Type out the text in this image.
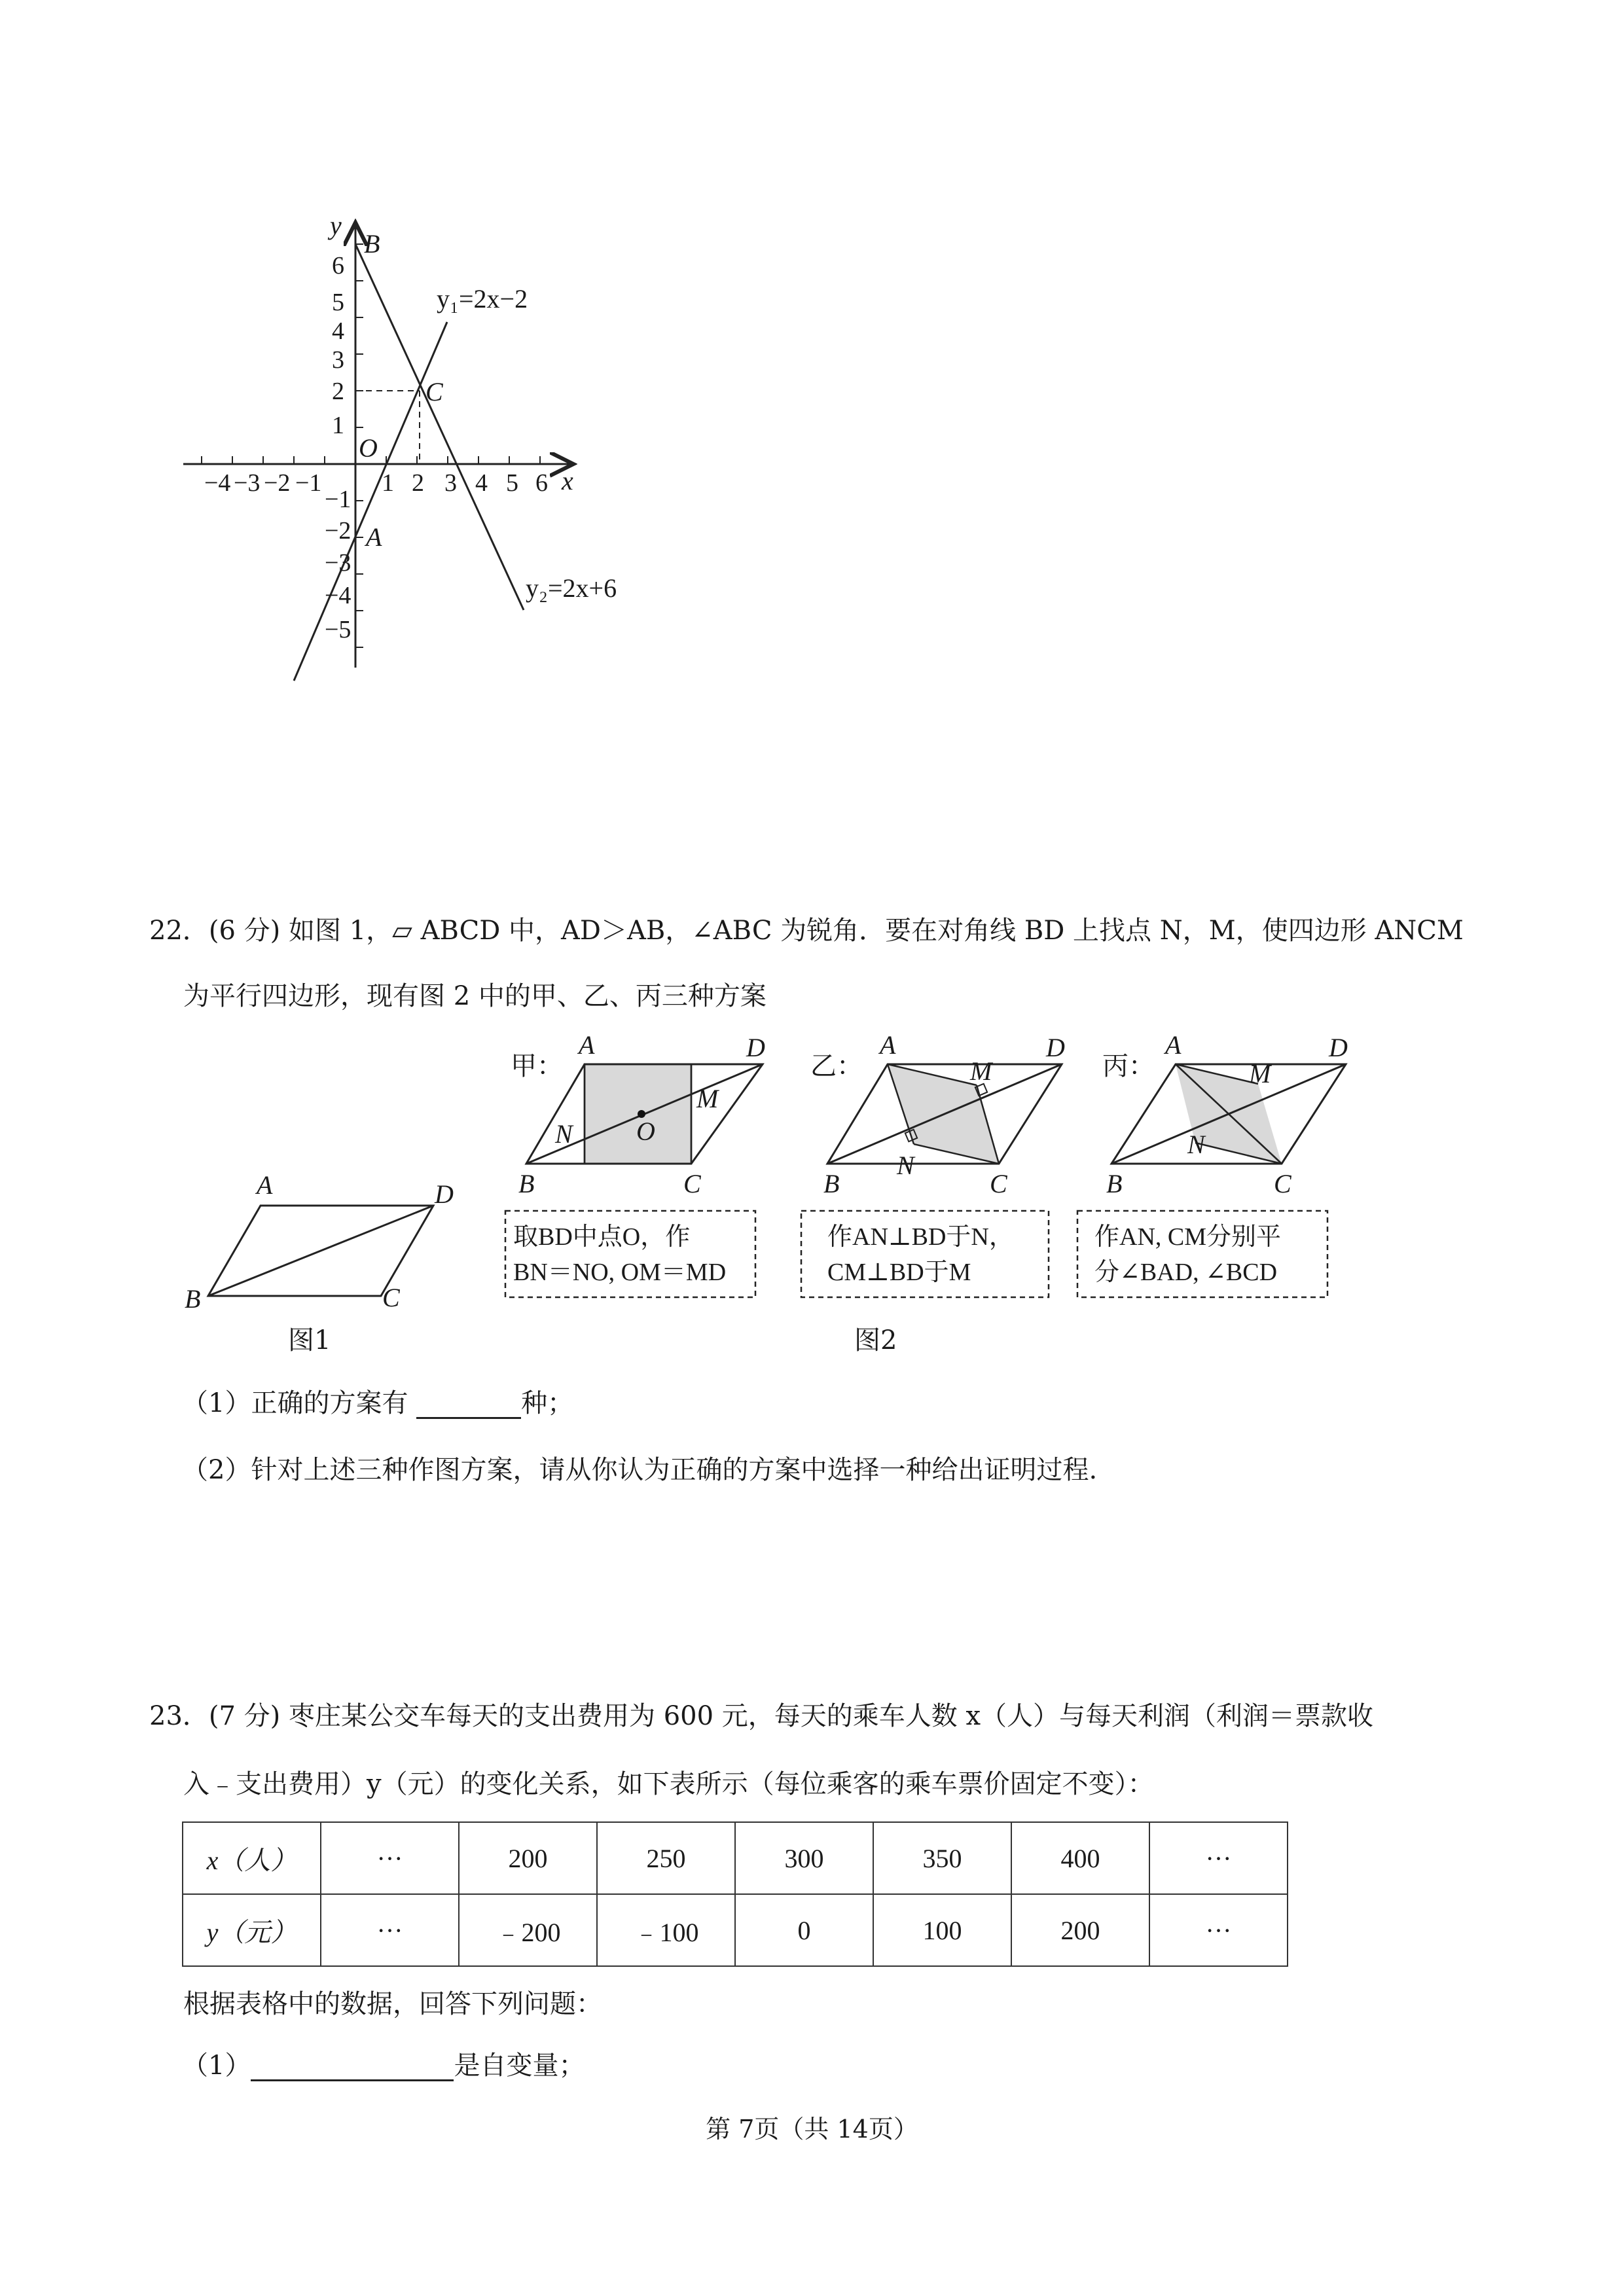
−4 −3 −2 −1 1 2 3 4 5 6
6
5
4
3
2
1
−1
−2
−3
−4
−5
x
y
O
B
C
A
y₁=2x−2
y₂=2x+6
22．(6 分) 如图 1，▱ ABCD 中，AD＞AB，∠ABC 为锐角．要在对角线 BD 上找点 N，M，使四边形 ANCM
为平行四边形，现有图 2 中的甲、乙、丙三种方案
A	D
B	C
图1
甲：
A	D
N O
M
B	C
取BD中点O，作
BN＝NO, OM＝MD
乙：
A	D
M
N
B	C
作AN⊥BD于N，
CM⊥BD于M
丙：
A	D
M
N
B	C
作AN, CM分别平
分∠BAD, ∠BCD
图2
（1）正确的方案有	种；
（2）针对上述三种作图方案，请从你认为正确的方案中选择一种给出证明过程.
23．(7 分) 枣庄某公交车每天的支出费用为 600 元，每天的乘车人数 x（人）与每天利润（利润＝票款收
入﹣支出费用）y（元）的变化关系，如下表所示（每位乘客的乘车票价固定不变）：
x（人）	···	200	250	300	350	400	···
y（元）	···	﹣200	﹣100	0	100	200	···
根据表格中的数据，回答下列问题：
（1）	是自变量；
第 7页（共 14页）
